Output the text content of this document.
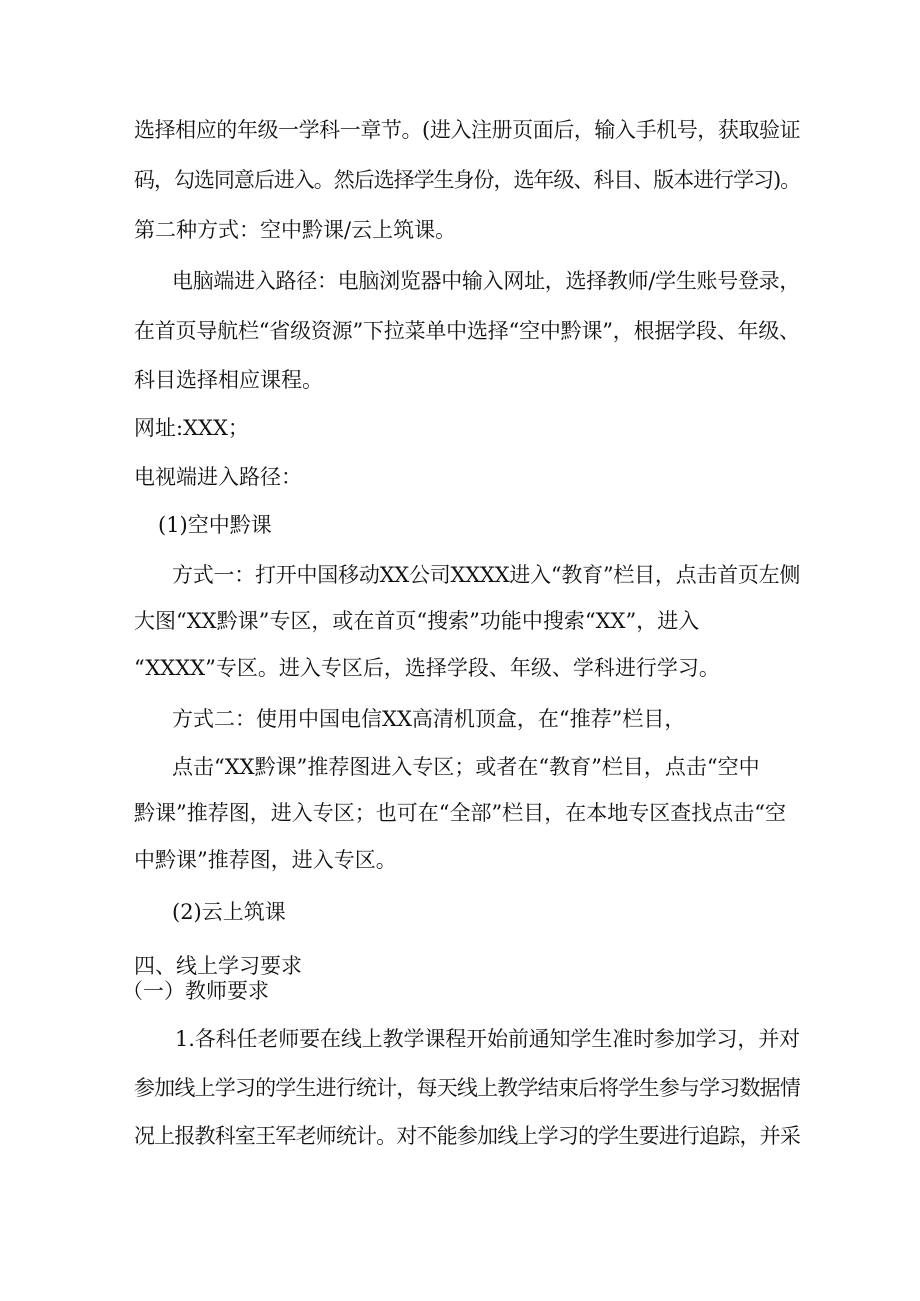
选择相应的年级一学科一章节。(进入注册页面后，输入手机号，获取验证
码，勾选同意后进入。然后选择学生身份，选年级、科目、版本进行学习)。
第二种方式：空中黔课/云上筑课。
电脑端进入路径：电脑浏览器中输入网址，选择教师/学生账号登录，
在首页导航栏“省级资源”下拉菜单中选择“空中黔课”，根据学段、年级、
科目选择相应课程。
网址:XXX；
电视端进入路径：
(1)空中黔课
方式一：打开中国移动XX公司XXXX进入“教育”栏目，点击首页左侧
大图“XX黔课”专区，或在首页“搜索”功能中搜索“XX”，进入
“XXXX”专区。进入专区后，选择学段、年级、学科进行学习。
方式二：使用中国电信XX高清机顶盒，在“推荐”栏目，
点击“XX黔课”推荐图进入专区；或者在“教育”栏目，点击“空中
黔课”推荐图，进入专区；也可在“全部”栏目，在本地专区查找点击“空
中黔课”推荐图，进入专区。
(2)云上筑课
四、线上学习要求
（一）教师要求
1.各科任老师要在线上教学课程开始前通知学生准时参加学习，并对
参加线上学习的学生进行统计，每天线上教学结束后将学生参与学习数据情
况上报教科室王军老师统计。对不能参加线上学习的学生要进行追踪，并采
